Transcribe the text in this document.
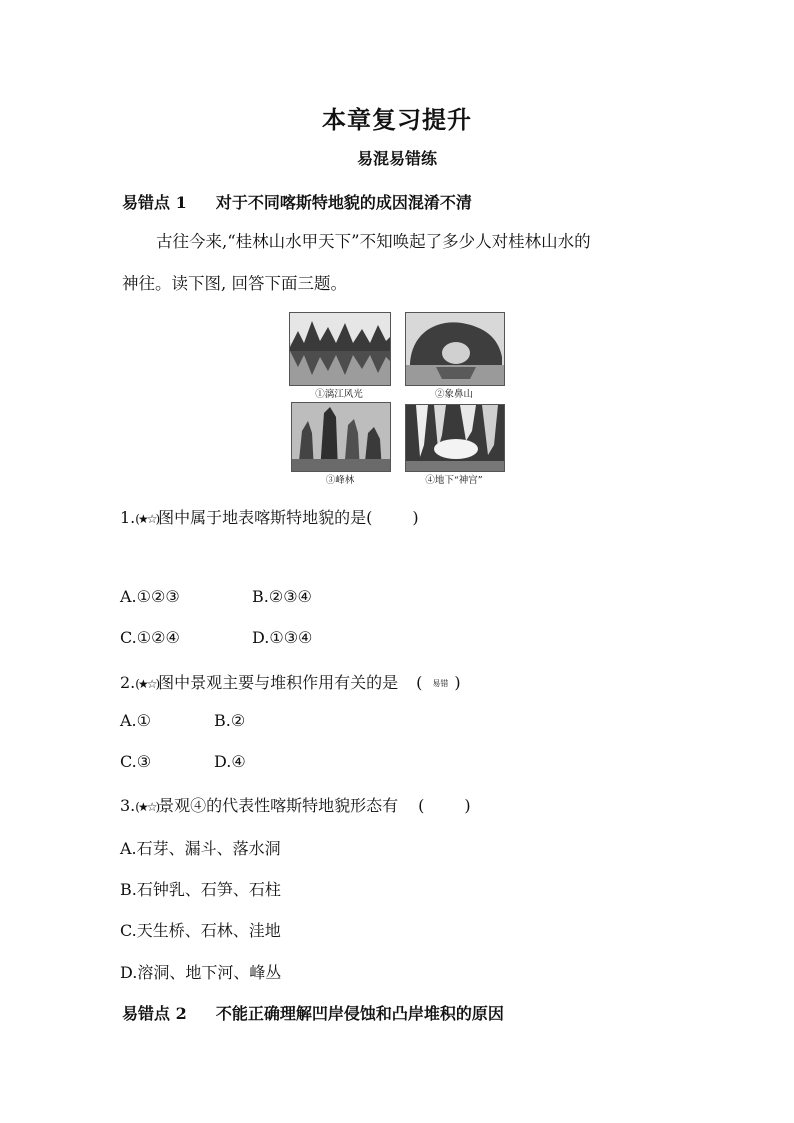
本章复习提升
易混易错练
易错点 1 对于不同喀斯特地貌的成因混淆不清
古往今来,“桂林山水甲天下”不知唤起了多少人对桂林山水的
神往。读下图, 回答下面三题。
①漓江风光	②象鼻山
③峰林	④地下“神宫”
1.(★☆)图中属于地表喀斯特地貌的是(	)
A.①②③	B.②③④
C.①②④	D.①③④
2.(★☆)图中景观主要与堆积作用有关的是 ( 易错 )
A.①	B.②
C.③	D.④
3.(★☆)景观④的代表性喀斯特地貌形态有 (	)
A.石芽、漏斗、落水洞
B.石钟乳、石笋、石柱
C.天生桥、石林、洼地
D.溶洞、地下河、峰丛
易错点 2 不能正确理解凹岸侵蚀和凸岸堆积的原因
